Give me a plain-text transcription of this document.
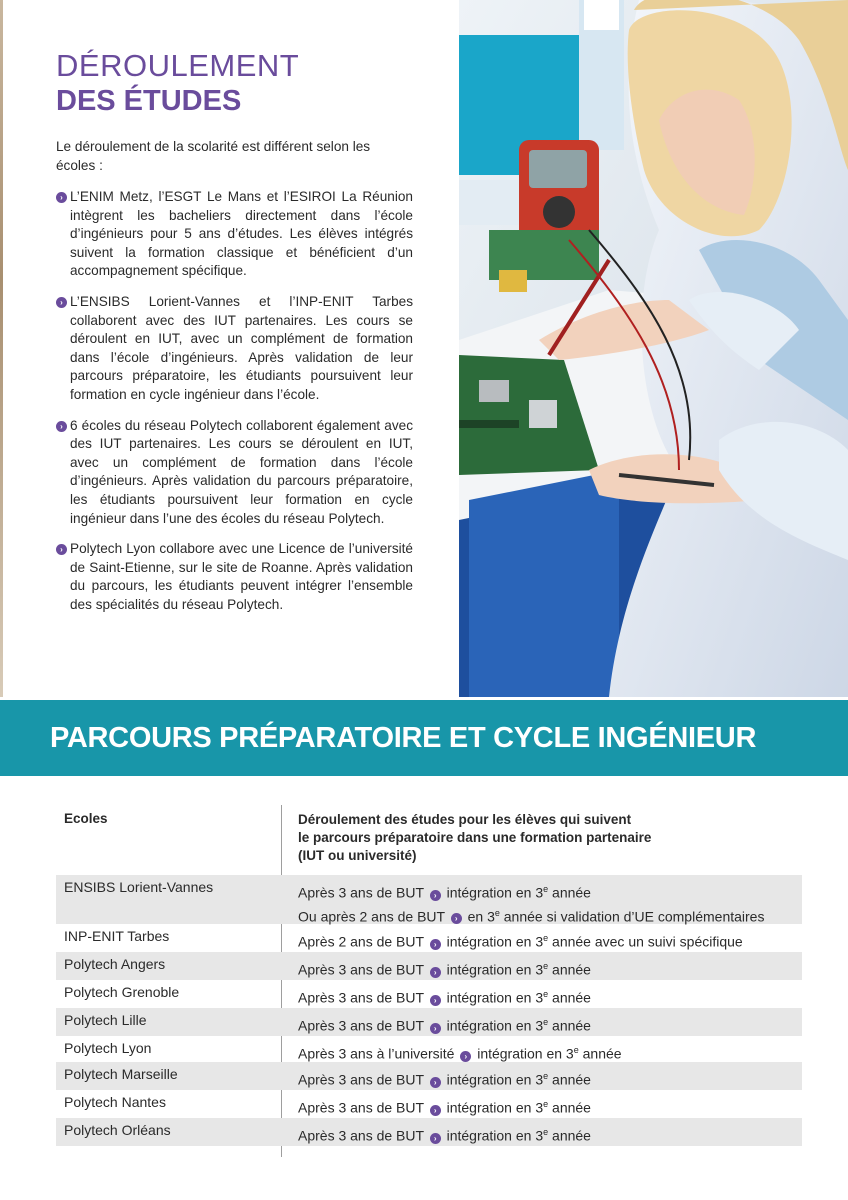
DÉROULEMENT
DES ÉTUDES

Le déroulement de la scolarité est différent selon les écoles :

› L’ENIM Metz, l’ESGT Le Mans et l’ESIROI La Réunion intègrent les bacheliers directement dans l’école d’ingénieurs pour 5 ans d’études. Les élèves intégrés suivent la formation classique et bénéficient d’un accompagnement spécifique.
› L’ENSIBS Lorient-Vannes et l’INP-ENIT Tarbes collaborent avec des IUT partenaires. Les cours se déroulent en IUT, avec un complément de formation dans l’école d’ingénieurs. Après validation de leur parcours préparatoire, les étudiants poursuivent leur formation en cycle ingénieur dans l’école.
› 6 écoles du réseau Polytech collaborent également avec des IUT partenaires. Les cours se déroulent en IUT, avec un complément de formation dans l’école d’ingénieurs. Après validation du parcours préparatoire, les étudiants poursuivent leur formation en cycle ingénieur dans l’une des écoles du réseau Polytech.
› Polytech Lyon collabore avec une Licence de l’université de Saint-Etienne, sur le site de Roanne. Après validation du parcours, les étudiants peuvent intégrer l’ensemble des spécialités du réseau Polytech.
PARCOURS PRÉPARATOIRE ET CYCLE INGÉNIEUR
Ecoles	Déroulement des études pour les élèves qui suivent
le parcours préparatoire dans une formation partenaire
(IUT ou université)
ENSIBS Lorient-Vannes	Après 3 ans de BUT › intégration en 3e année
Ou après 2 ans de BUT › en 3e année si validation d’UE complémentaires
INP-ENIT Tarbes	Après 2 ans de BUT › intégration en 3e année avec un suivi spécifique
Polytech Angers	Après 3 ans de BUT › intégration en 3e année
Polytech Grenoble	Après 3 ans de BUT › intégration en 3e année
Polytech Lille	Après 3 ans de BUT › intégration en 3e année
Polytech Lyon	Après 3 ans à l’université › intégration en 3e année
Polytech Marseille	Après 3 ans de BUT › intégration en 3e année
Polytech Nantes	Après 3 ans de BUT › intégration en 3e année
Polytech Orléans	Après 3 ans de BUT › intégration en 3e année
